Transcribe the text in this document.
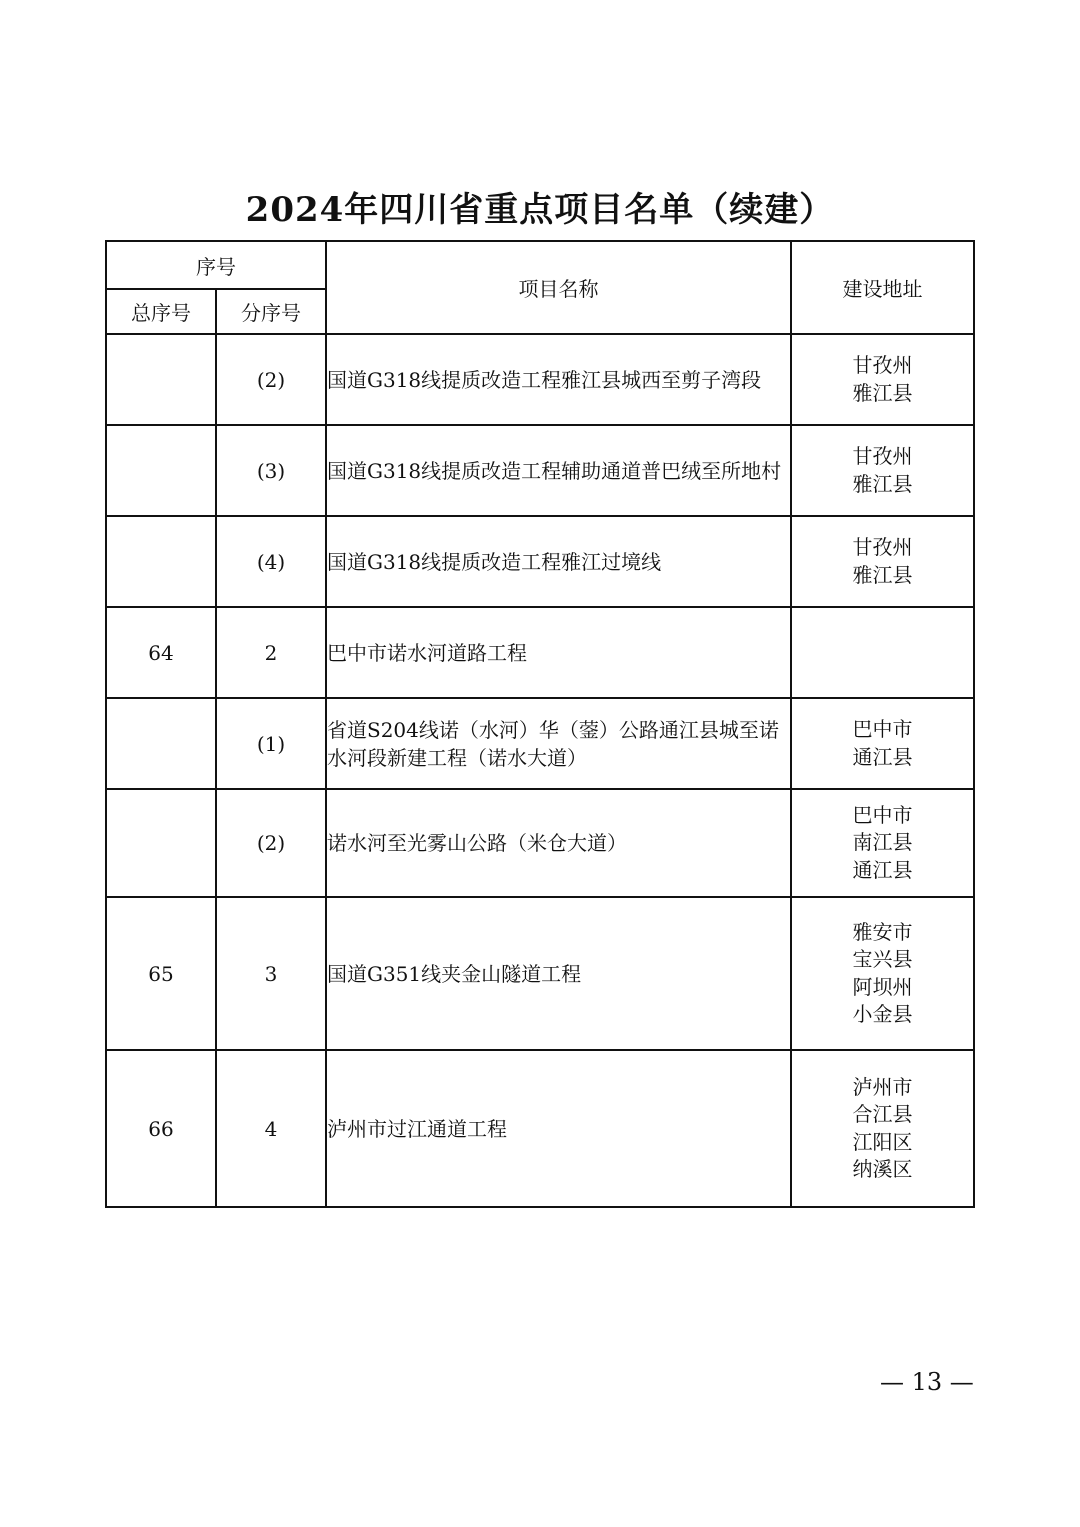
2024年四川省重点项目名单（续建）
序号		项目名称	建设地址
总序号	分序号		
	(2)	国道G318线提质改造工程雅江县城西至剪子湾段	甘孜州
雅江县
	(3)	国道G318线提质改造工程辅助通道普巴绒至所地村	甘孜州
雅江县
	(4)	国道G318线提质改造工程雅江过境线	甘孜州
雅江县
64	2	巴中市诺水河道路工程	
	(1)	省道S204线诺（水河）华（蓥）公路通江县城至诺水河段新建工程（诺水大道）	巴中市
通江县
	(2)	诺水河至光雾山公路（米仓大道）	巴中市
南江县
通江县
65	3	国道G351线夹金山隧道工程	雅安市
宝兴县
阿坝州
小金县
66	4	泸州市过江通道工程	泸州市
合江县
江阳区
纳溪区
— 13 —
